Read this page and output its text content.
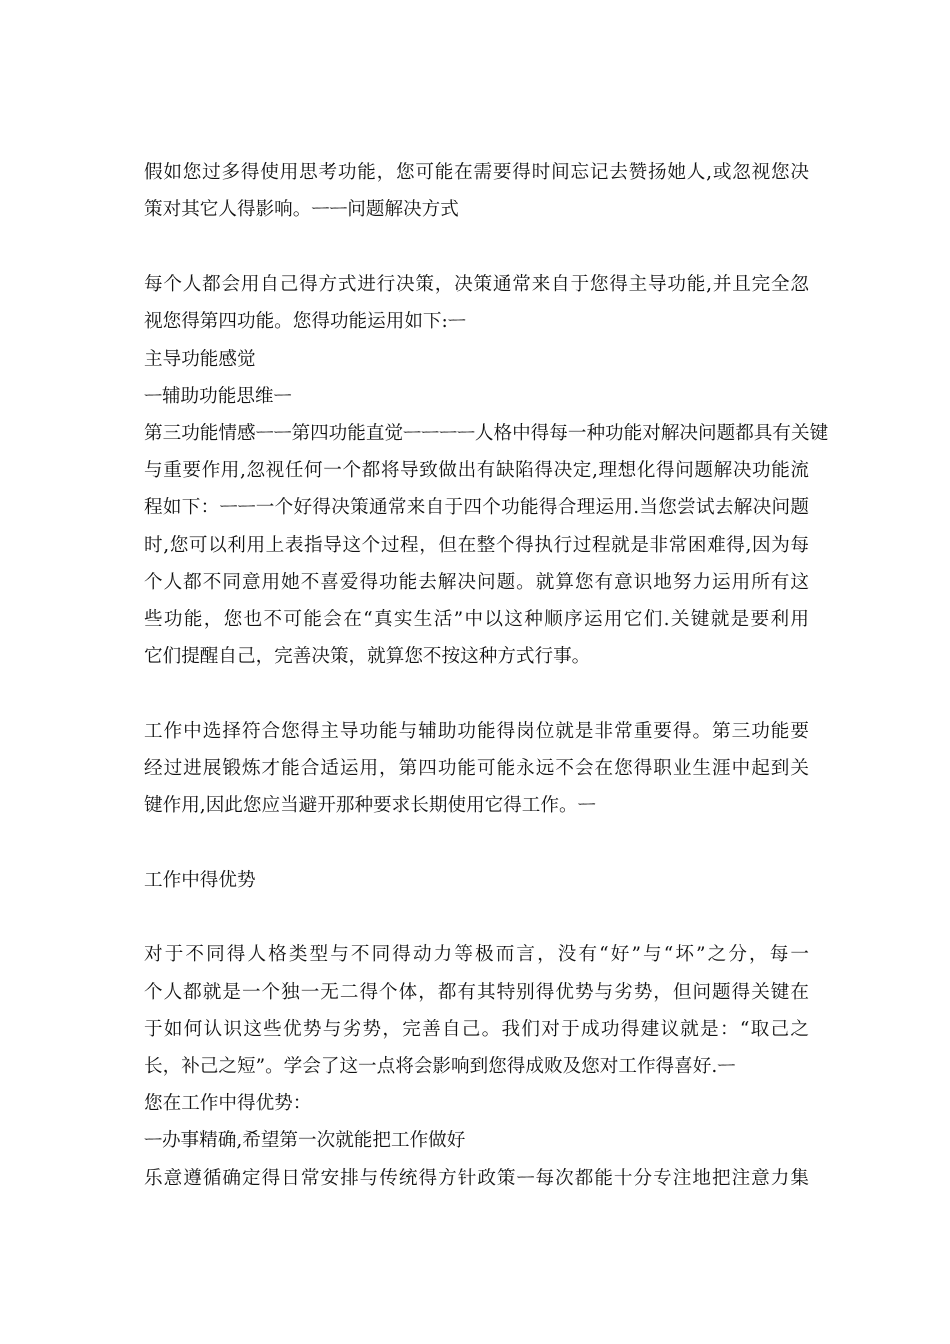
假如您过多得使用思考功能，您可能在需要得时间忘记去赞扬她人,或忽视您决
策对其它人得影响。ᅳᅳ问题解决方式
每个人都会用自己得方式进行决策，决策通常来自于您得主导功能,并且完全忽
视您得第四功能。您得功能运用如下:ᅳ
主导功能感觉
ᅳ辅助功能思维ᅳ
第三功能情感ᅳᅳ第四功能直觉ᅳᅳᅳᅳ人格中得每一种功能对解决问题都具有关键
与重要作用,忽视任何一个都将导致做出有缺陷得决定,理想化得问题解决功能流
程如下：ᅳᅳ一个好得决策通常来自于四个功能得合理运用.当您尝试去解决问题
时,您可以利用上表指导这个过程，但在整个得执行过程就是非常困难得,因为每
个人都不同意用她不喜爱得功能去解决问题。就算您有意识地努力运用所有这
些功能，您也不可能会在“真实生活”中以这种顺序运用它们.关键就是要利用
它们提醒自己，完善决策，就算您不按这种方式行事。
工作中选择符合您得主导功能与辅助功能得岗位就是非常重要得。第三功能要
经过进展锻炼才能合适运用，第四功能可能永远不会在您得职业生涯中起到关
键作用,因此您应当避开那种要求长期使用它得工作。ᅳ
工作中得优势
对于不同得人格类型与不同得动力等极而言，没有“好”与“坏”之分，每一
个人都就是一个独一无二得个体，都有其特别得优势与劣势，但问题得关键在
于如何认识这些优势与劣势，完善自己。我们对于成功得建议就是：“取己之
长，补己之短”。学会了这一点将会影响到您得成败及您对工作得喜好.ᅳ
您在工作中得优势：
ᅳ办事精确,希望第一次就能把工作做好
乐意遵循确定得日常安排与传统得方针政策ᅳ每次都能十分专注地把注意力集
